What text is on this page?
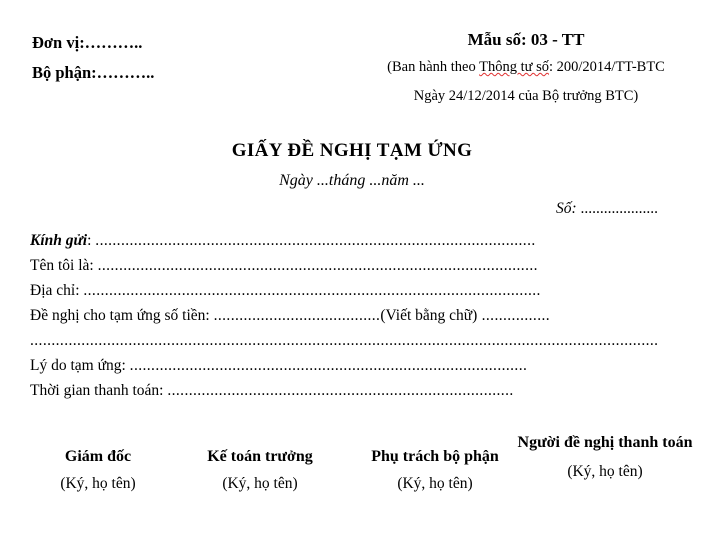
Đơn vị:………..
Bộ phận:………..
Mẫu số: 03 - TT
(Ban hành theo Thông tư số: 200/2014/TT-BTC
Ngày 24/12/2014 của Bộ trưởng BTC)
GIẤY ĐỀ NGHỊ TẠM ỨNG
Ngày ...tháng ...năm ...
Số: ....................
Kính gửi: .......................................................................................................
Tên tôi là: .......................................................................................................
Địa chỉ: ...........................................................................................................
Đề nghị cho tạm ứng số tiền: .......................................(Viết bằng chữ) ................
...................................................................................................................................................
Lý do tạm ứng: .............................................................................................
Thời gian thanh toán: .................................................................................
Giám đốc
(Ký, họ tên)
Kế toán trưởng
(Ký, họ tên)
Phụ trách bộ phận
(Ký, họ tên)
Người đề nghị thanh toán
(Ký, họ tên)
